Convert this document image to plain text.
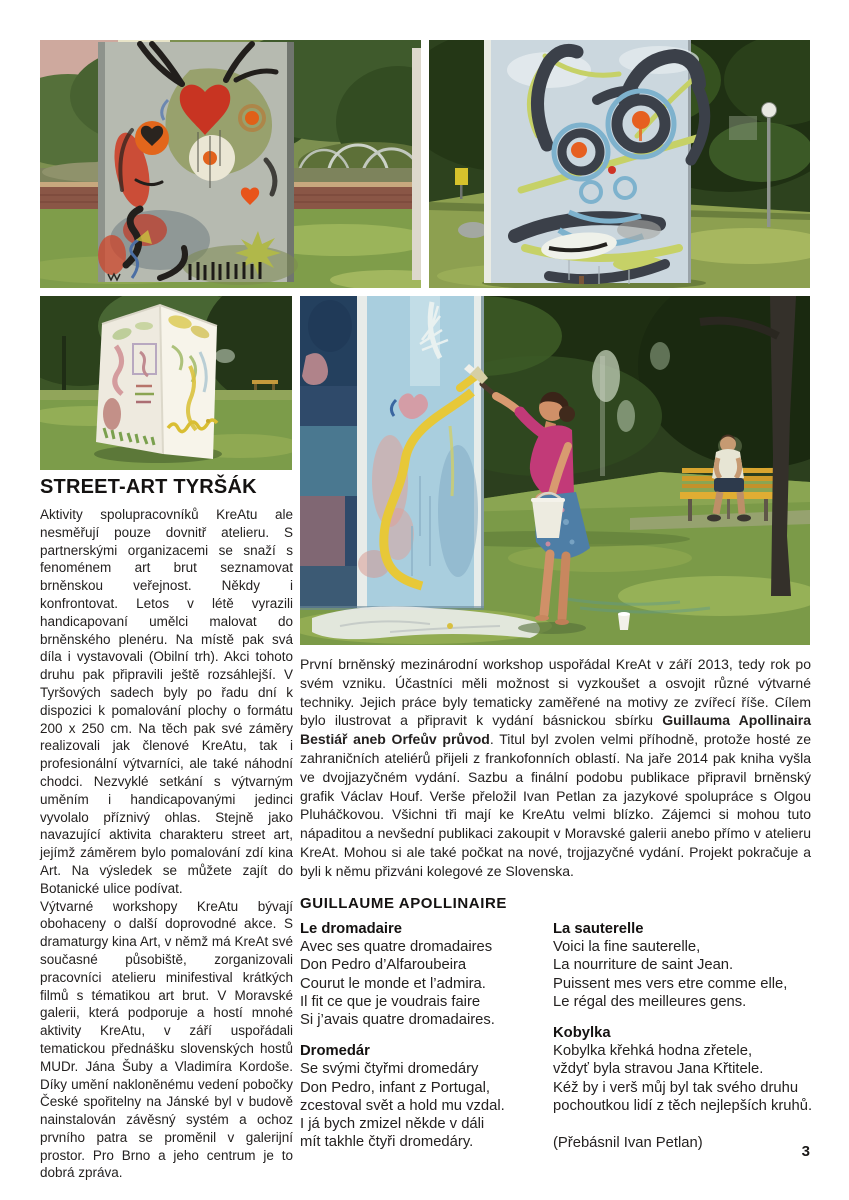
STREET-ART TYRŠÁK

Aktivity spolupracovníků KreAtu ale nesměřují pouze dovnitř atelieru. S partnerskými organizacemi se snaží s fenoménem art brut seznamovat brněnskou veřejnost. Někdy i konfrontovat. Letos v létě vyrazili handicapovaní umělci malovat do brněnského plenéru. Na místě pak svá díla i vystavovali (Obilní trh). Akci tohoto druhu pak připravili ještě rozsáhlejší. V Tyršových sadech byly po řadu dní k dispozici k pomalování plochy o formátu 200 x 250 cm. Na těch pak své záměry realizovali jak členové KreAtu, tak i profesionální výtvarníci, ale také náhodní chodci. Nezvyklé setkání s výtvarným uměním i handicapovanými jedinci vyvolalo příznivý ohlas. Stejně jako navazující aktivita charakteru street art, jejímž záměrem bylo pomalování zdí kina Art. Na výsledek se můžete zajít do Botanické ulice podívat.

Výtvarné workshopy KreAtu bývají obohaceny o další doprovodné akce. S dramaturgy kina Art, v němž má KreAt své současné působiště, zorganizovali pracovníci atelieru minifestival krátkých filmů s tématikou art brut. V Moravské galerii, která podporuje a hostí mnohé aktivity KreAtu, v září uspořádali tematickou přednášku slovenských hostů MUDr. Jána Šuby a Vladimíra Kordoše. Díky umění nakloněnému vedení pobočky České spořitelny na Jánské byl v budově nainstalován závěsný systém a ochoz prvního patra se proměnil v galerijní prostor. Pro Brno a jeho centrum je to dobrá zpráva.

První brněnský mezinárodní workshop uspořádal KreAt v září 2013, tedy rok po svém vzniku. Účastníci měli možnost si vyzkoušet a osvojit různé výtvarné techniky. Jejich práce byly tematicky zaměřené na motivy ze zvířecí říše. Cílem bylo ilustrovat a připravit k vydání básnickou sbírku Guillauma Apollinaira Bestiář aneb Orfeův průvod. Titul byl zvolen velmi příhodně, protože hosté ze zahraničních ateliérů přijeli z frankofonních oblastí. Na jaře 2014 pak kniha vyšla ve dvojjazyčném vydání. Sazbu a finální podobu publikace připravil brněnský grafik Václav Houf. Verše přeložil Ivan Petlan za jazykové spolupráce s Olgou Pluháčkovou. Všichni tři mají ke KreAtu velmi blízko. Zájemci si mohou tuto nápaditou a nevšední publikaci zakoupit v Moravské galerii anebo přímo v atelieru KreAt. Mohou si ale také počkat na nové, trojjazyčné vydání. Projekt pokračuje a byli k němu přizváni kolegové ze Slovenska.

GUILLAUME APOLLINAIRE
Le dromadaire
Avec ses quatre dromadaires
Don Pedro d’Alfaroubeira
Courut le monde et l’admira.
Il fit ce que je voudrais faire
Si j’avais quatre dromadaires.
Dromedár
Se svými čtyřmi dromedáry
Don Pedro, infant z Portugal,
zcestoval svět a hold mu vzdal.
I já bych zmizel někde v dáli
mít takhle čtyři dromedáry.
La sauterelle
Voici la fine sauterelle,
La nourriture de saint Jean.
Puissent mes vers etre comme elle,
Le régal des meilleures gens.
Kobylka
Kobylka křehká hodna zřetele,
vždyť byla stravou Jana Křtitele.
Kéž by i verš můj byl tak svého druhu
pochoutkou lidí z těch nejlepších kruhů.
(Přebásnil Ivan Petlan)	3
